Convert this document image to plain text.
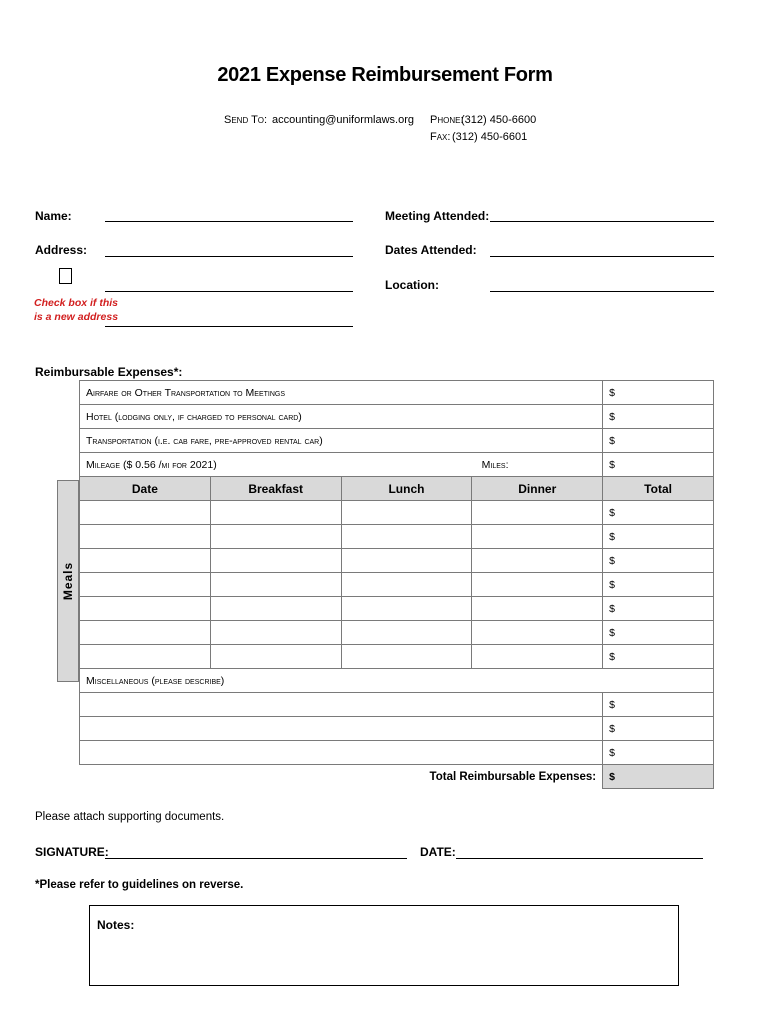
2021 Expense Reimbursement Form
Send To: accounting@uniformlaws.org Phone:
(312) 450-6600
Fax: (312) 450-6601
Name:
Address:
Check box if this
is a new address
Meeting Attended:
Dates Attended:
Location:
Reimbursable Expenses*:
Meals
Airfare or Other Transportation to Meetings				$
Hotel (lodging only, if charged to personal card)				$
Transportation (i.e. cab fare, pre-approved rental car)				$
Mileage ($ 0.56 /mi for 2021) Miles:				$
Date	Breakfast	Lunch	Dinner	Total
				$
				$
				$
				$
				$
				$
				$
Miscellaneous (please describe)				
				$
				$
				$
Total Reimbursable Expenses:				$
Please attach supporting documents.
SIGNATURE:	DATE:
*Please refer to guidelines on reverse.
Notes:
